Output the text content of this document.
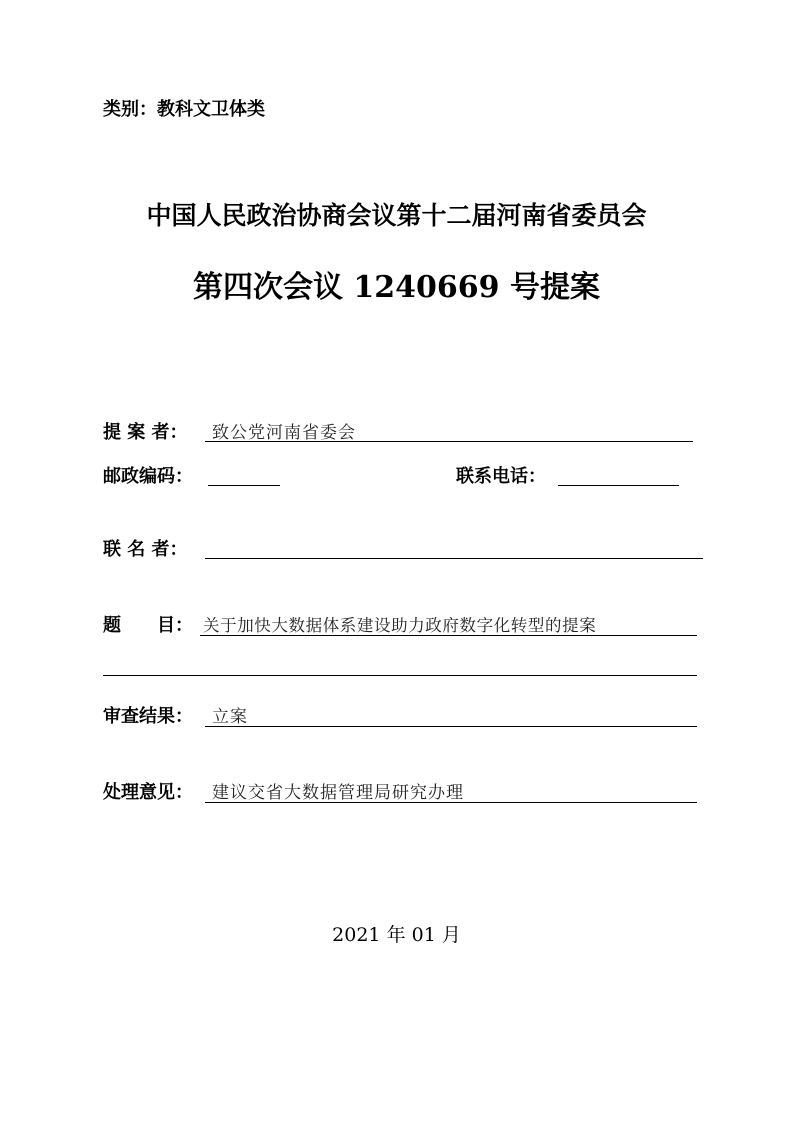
类别：教科文卫体类
中国人民政治协商会议第十二届河南省委员会
第四次会议 1240669 号提案
提 案 者： 致公党河南省委会
邮政编码：	联系电话：
联 名 者：
题　　目： 关于加快大数据体系建设助力政府数字化转型的提案
审查结果： 立案
处理意见： 建议交省大数据管理局研究办理
2021 年 01 月
